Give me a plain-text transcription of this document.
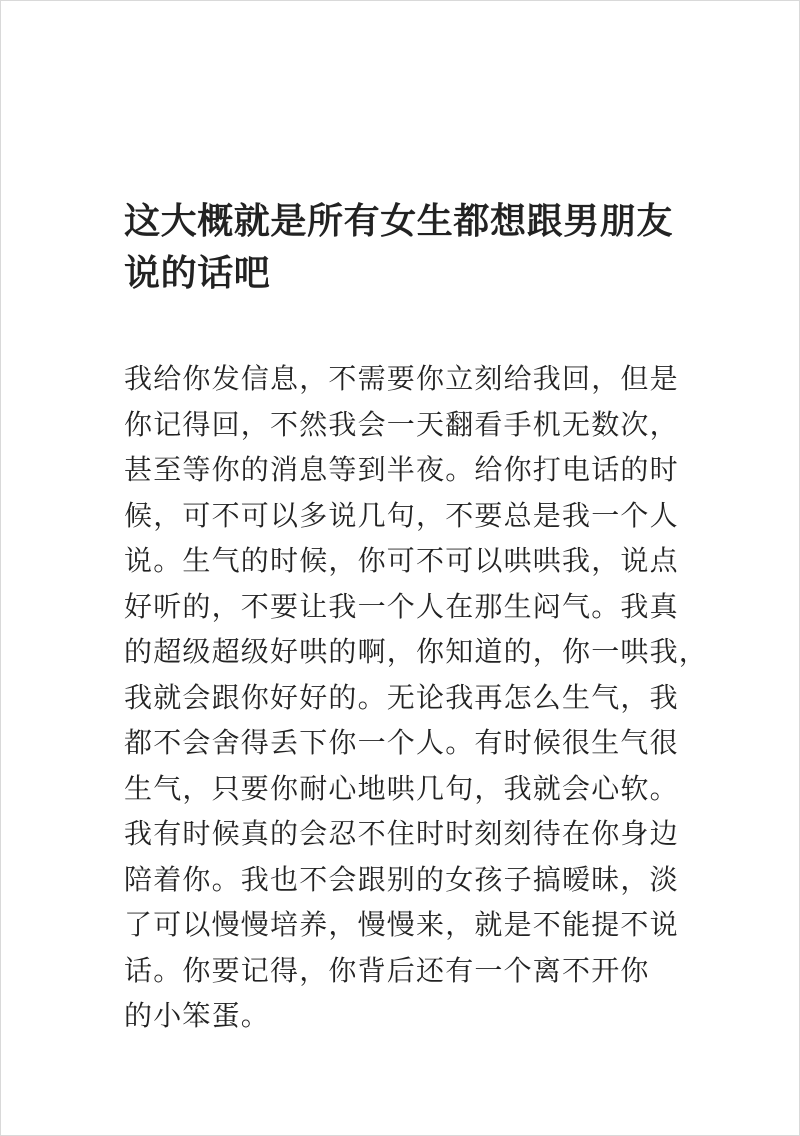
这大概就是所有女生都想跟男朋友
说的话吧
我给你发信息，不需要你立刻给我回，但是
你记得回，不然我会一天翻看手机无数次，
甚至等你的消息等到半夜。给你打电话的时
候，可不可以多说几句，不要总是我一个人
说。生气的时候，你可不可以哄哄我，说点
好听的，不要让我一个人在那生闷气。我真
的超级超级好哄的啊，你知道的，你一哄我，
我就会跟你好好的。无论我再怎么生气，我
都不会舍得丢下你一个人。有时候很生气很
生气，只要你耐心地哄几句，我就会心软。
我有时候真的会忍不住时时刻刻待在你身边
陪着你。我也不会跟别的女孩子搞暧昧，淡
了可以慢慢培养，慢慢来，就是不能提不说
话。你要记得，你背后还有一个离不开你
的小笨蛋。
